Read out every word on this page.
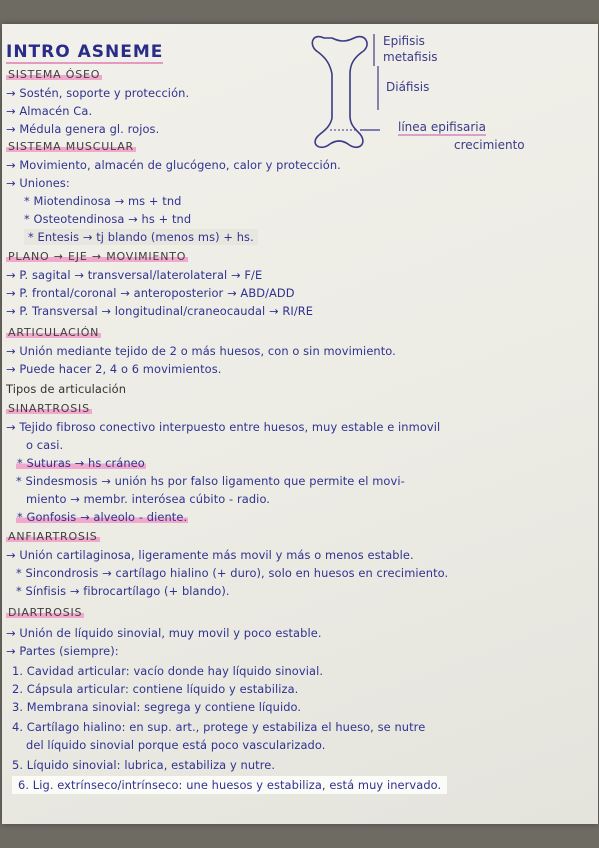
Epifisis
metafisis
Diáfisis
línea epifisaria
crecimiento
INTRO ASNEME
SISTEMA ÓSEO
→ Sostén, soporte y protección.
→ Almacén Ca.
→ Médula genera gl. rojos.
SISTEMA MUSCULAR
→ Movimiento, almacén de glucógeno, calor y protección.
→ Uniones:
* Miotendinosa → ms + tnd
* Osteotendinosa → hs + tnd
* Entesis → tj blando (menos ms) + hs.
PLANO → EJE → MOVIMIENTO
→ P. sagital → transversal/laterolateral → F/E
→ P. frontal/coronal → anteroposterior → ABD/ADD
→ P. Transversal → longitudinal/craneocaudal → RI/RE
ARTICULACIÓN
→ Unión mediante tejido de 2 o más huesos, con o sin movimiento.
→ Puede hacer 2, 4 o 6 movimientos.
Tipos de articulación
SINARTROSIS
→ Tejido fibroso conectivo interpuesto entre huesos, muy estable e inmovil
o casi.
* Suturas → hs cráneo
* Sindesmosis → unión hs por falso ligamento que permite el movi-
miento → membr. interósea cúbito - radio.
* Gonfosis → alveolo - diente.
ANFIARTROSIS
→ Unión cartilaginosa, ligeramente más movil y más o menos estable.
* Sincondrosis → cartílago hialino (+ duro), solo en huesos en crecimiento.
* Sínfisis → fibrocartílago (+ blando).
DIARTROSIS
→ Unión de líquido sinovial, muy movil y poco estable.
→ Partes (siempre):
1. Cavidad articular: vacío donde hay líquido sinovial.
2. Cápsula articular: contiene líquido y estabiliza.
3. Membrana sinovial: segrega y contiene líquido.
4. Cartílago hialino: en sup. art., protege y estabiliza el hueso, se nutre
del líquido sinovial porque está poco vascularizado.
5. Líquido sinovial: lubrica, estabiliza y nutre.
6. Lig. extrínseco/intrínseco: une huesos y estabiliza, está muy inervado.
